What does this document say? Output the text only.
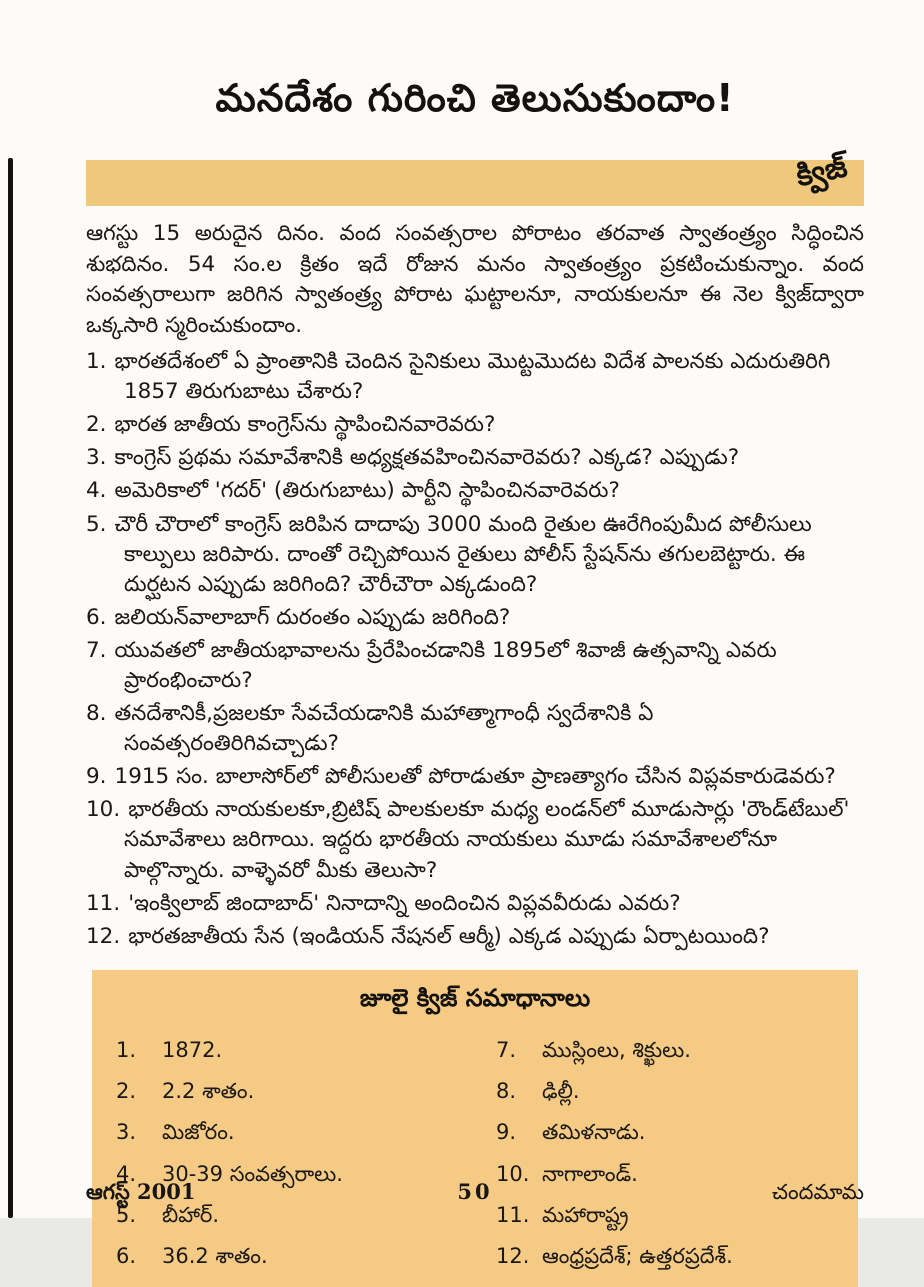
మనదేశం గురించి తెలుసుకుందాం!
క్విజ్

ఆగస్టు 15 అరుదైన దినం. వంద సంవత్సరాల పోరాటం తరవాత స్వాతంత్ర్యం సిద్ధించిన శుభదినం. 54 సం.ల క్రితం ఇదే రోజున మనం స్వాతంత్ర్యం ప్రకటించుకున్నాం. వంద సంవత్సరాలుగా జరిగిన స్వాతంత్ర్య పోరాట ఘట్టాలనూ, నాయకులనూ ఈ నెల క్విజ్‌ద్వారా ఒక్కసారి స్మరించుకుందాం.

1. భారతదేశంలో ఏ ప్రాంతానికి చెందిన సైనికులు మొట్టమొదట విదేశ పాలనకు ఎదురుతిరిగి 1857 తిరుగుబాటు చేశారు?
2. భారత జాతీయ కాంగ్రెస్‌ను స్థాపించినవారెవరు?
3. కాంగ్రెస్ ప్రథమ సమావేశానికి అధ్యక్షతవహించినవారెవరు? ఎక్కడ? ఎప్పుడు?
4. అమెరికాలో 'గదర్' (తిరుగుబాటు) పార్టీని స్థాపించినవారెవరు?
5. చౌరీ చౌరాలో కాంగ్రెస్ జరిపిన దాదాపు 3000 మంది రైతుల ఊరేగింపుమీద పోలీసులు కాల్పులు జరిపారు. దాంతో రెచ్చిపోయిన రైతులు పోలీస్ స్టేషన్‌ను తగులబెట్టారు. ఈ దుర్ఘటన ఎప్పుడు జరిగింది? చౌరీచౌరా ఎక్కడుంది?
6. జలియన్‌వాలాబాగ్ దురంతం ఎప్పుడు జరిగింది?
7. యువతలో జాతీయభావాలను ప్రేరేపించడానికి 1895లో శివాజీ ఉత్సవాన్ని ఎవరు ప్రారంభించారు?
8. తనదేశానికీ,ప్రజలకూ సేవచేయడానికి మహాత్మాగాంధీ స్వదేశానికి ఏ సంవత్సరంతిరిగివచ్చాడు?
9. 1915 సం. బాలాసోర్‌లో పోలీసులతో పోరాడుతూ ప్రాణత్యాగం చేసిన విప్లవకారుడెవరు?
10. భారతీయ నాయకులకూ,బ్రిటిష్ పాలకులకూ మధ్య లండన్‌లో మూడుసార్లు 'రౌండ్‌టేబుల్' సమావేశాలు జరిగాయి. ఇద్దరు భారతీయ నాయకులు మూడు సమావేశాలలోనూ పాల్గొన్నారు. వాళ్ళెవరో మీకు తెలుసా?
11. 'ఇంక్విలాబ్ జిందాబాద్' నినాదాన్ని అందించిన విప్లవవీరుడు ఎవరు?
12. భారతజాతీయ సేన (ఇండియన్ నేషనల్ ఆర్మీ) ఎక్కడ ఎప్పుడు ఏర్పాటయింది?
జూలై క్విజ్ సమాధానాలు
1. 1872.
2. 2.2 శాతం.
3. మిజోరం.
4. 30-39 సంవత్సరాలు.
5. బీహార్.
6. 36.2 శాతం.
7. ముస్లింలు, శిక్ఖులు.
8. ఢిల్లీ.
9. తమిళనాడు.
10. నాగాలాండ్.
11. మహారాష్ట్ర
12. ఆంధ్రప్రదేశ్; ఉత్తరప్రదేశ్.
ఆగస్ట్ 2001	50	చందమామ
